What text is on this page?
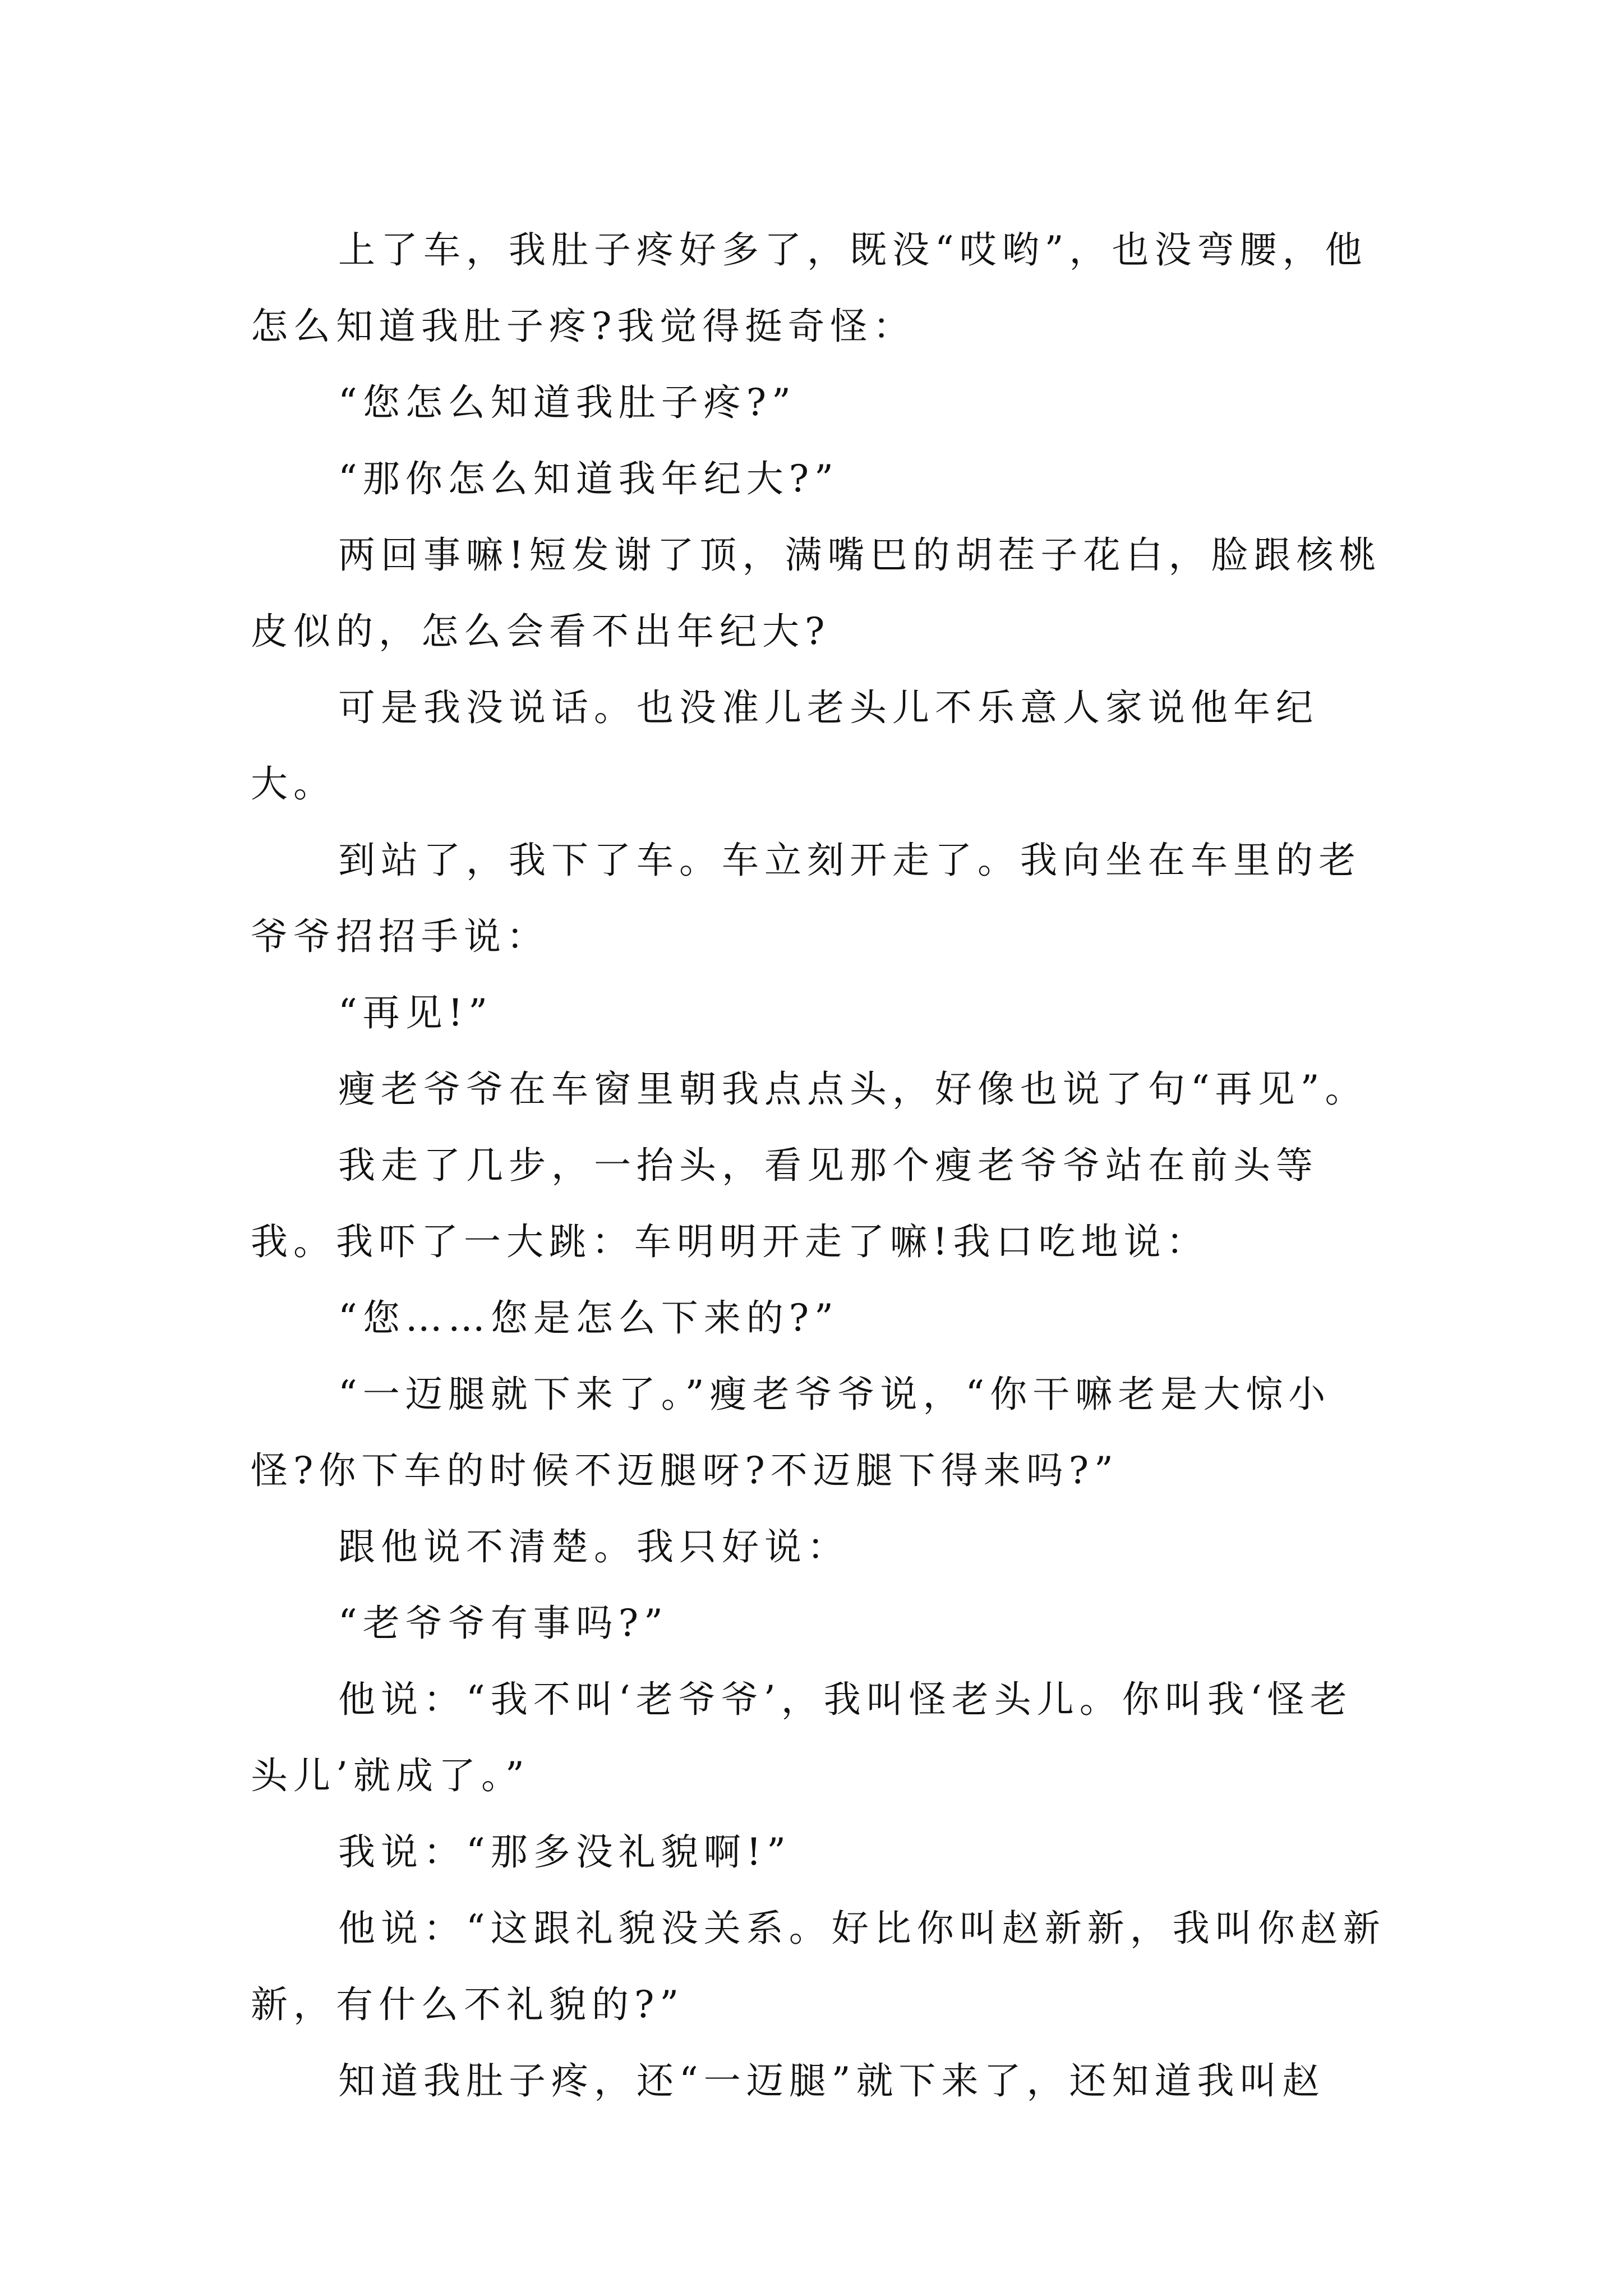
上了车，我肚子疼好多了，既没“哎哟”，也没弯腰，他怎么知道我肚子疼?我觉得挺奇怪：

“您怎么知道我肚子疼?”

“那你怎么知道我年纪大?”

两回事嘛!短发谢了顶，满嘴巴的胡茬子花白，脸跟核桃皮似的，怎么会看不出年纪大?

可是我没说话。也没准儿老头儿不乐意人家说他年纪大。

到站了，我下了车。车立刻开走了。我向坐在车里的老爷爷招招手说：

“再见!”

瘦老爷爷在车窗里朝我点点头，好像也说了句“再见”。

我走了几步，一抬头，看见那个瘦老爷爷站在前头等我。我吓了一大跳：车明明开走了嘛!我口吃地说：

“您……您是怎么下来的?”

“一迈腿就下来了。”瘦老爷爷说，“你干嘛老是大惊小怪?你下车的时候不迈腿呀?不迈腿下得来吗?”

跟他说不清楚。我只好说：

“老爷爷有事吗?”

他说：“我不叫‘老爷爷’，我叫怪老头儿。你叫我‘怪老头儿’就成了。”

我说：“那多没礼貌啊!”

他说：“这跟礼貌没关系。好比你叫赵新新，我叫你赵新新，有什么不礼貌的?”

知道我肚子疼，还“一迈腿”就下来了，还知道我叫赵
